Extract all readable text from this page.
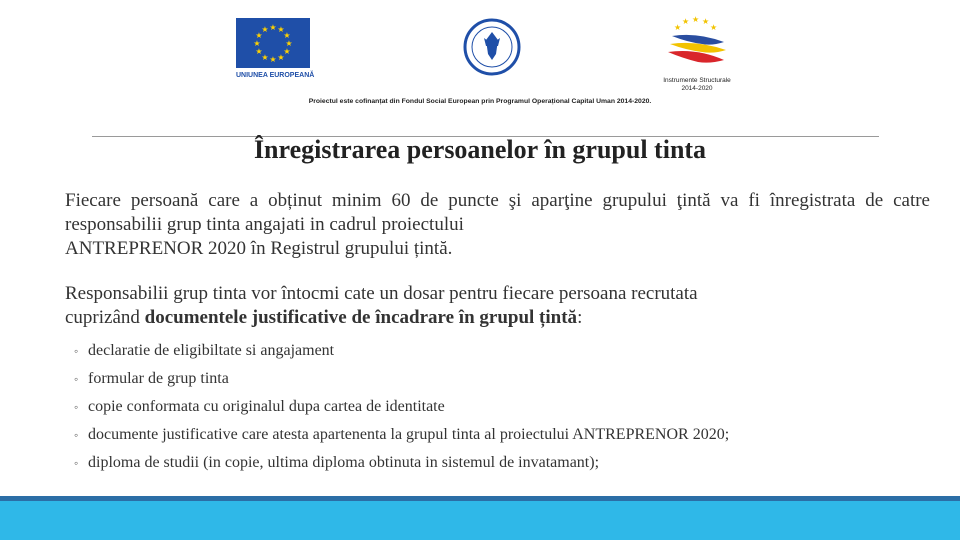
★ ★
★
★
★
★
★
★
★
★
★
★
UNIUNEA EUROPEANĂ
★ ★ ★
★	★
Instrumente Structurale
2014-2020
Proiectul este cofinanțat din Fondul Social European prin Programul Operațional Capital Uman 2014-2020.
Înregistrarea persoanelor în grupul tinta
Fiecare persoană care a obținut minim 60 de puncte şi aparţine grupului ţintă va fi înregistrata de catre responsabilii grup tinta angajati in cadrul proiectului
ANTREPRENOR 2020 în Registrul grupului țintă.
Responsabilii grup tinta vor întocmi cate un dosar pentru fiecare persoana recrutata
cuprizând documentele justificative de încadrare în grupul țintă:
◦ declaratie de eligibiltate si angajament
◦ formular de grup tinta
◦ copie conformata cu originalul dupa cartea de identitate
◦ documente justificative care atesta apartenenta la grupul tinta al proiectului ANTREPRENOR 2020;
◦ diploma de studii (in copie, ultima diploma obtinuta in sistemul de invatamant);
